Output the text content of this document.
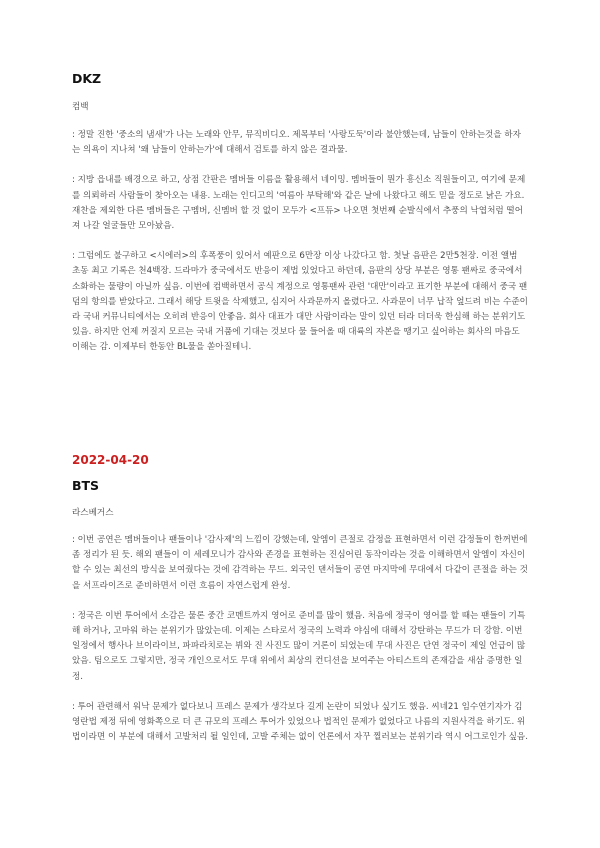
DKZ

컴백

: 정말 진한 '중소의 냄새'가 나는 노래와 안무, 뮤직비디오. 제목부터 '사랑도둑'이라 불안했는데, 남들이 안하는것을 하자는 의욕이 지나쳐 '왜 남들이 안하는가'에 대해서 검토를 하지 않은 결과물.

: 지방 읍내를 배경으로 하고, 상점 간판은 멤버들 이름을 활용해서 네이밍. 멤버들이 뭔가 흥신소 직원들이고, 여기에 문제를 의뢰하러 사람들이 찾아오는 내용. 노래는 인디고의 '여름아 부탁해'와 같은 날에 나왔다고 해도 믿을 정도로 낡은 가요. 재찬을 제외한 다른 멤버들은 구멤버, 신멤버 할 것 없이 모두가 <프듀> 나오면 첫번째 순발식에서 추풍의 낙엽처럼 떨어져 나갈 얼굴들만 모아놨음.

: 그럼에도 불구하고 <시에러>의 후폭풍이 있어서 예판으로 6만장 이상 나갔다고 함. 첫날 음판은 2만5천장. 이전 앨범 초동 최고 기록은 천4백장. 드라마가 중국에서도 반응이 제법 있었다고 하던데, 음판의 상당 부분은 영통 팬싸로 중국에서 소화하는 물량이 아닐까 싶음. 이번에 컴백하면서 공식 계정으로 영통팬싸 관련 '대만'이라고 표기한 부분에 대해서 중국 팬덤의 항의를 받았다고. 그래서 해당 트윗을 삭제했고, 심지어 사과문까지 올렸다고. 사과문이 너무 납작 엎드려 비는 수준이라 국내 커뮤니티에서는 오히려 반응이 안좋음. 회사 대표가 대만 사람이라는 말이 있던 터라 더더욱 한심해 하는 분위기도 있음. 하지만 언제 꺼질지 모르는 국내 거품에 기대는 것보다 물 들어올 때 대륙의 자본을 땡기고 싶어하는 회사의 마음도 이해는 감. 이제부터 한동안 BL물을 쏟아질테니.

2022-04-20

BTS

라스베거스

: 이번 공연은 멤버들이나 팬들이나 '감사제'의 느낌이 강했는데, 알엠이 큰절로 감정을 표현하면서 이런 감정들이 한꺼번에 좀 정리가 된 듯. 해외 팬들이 이 세레모니가 감사와 존경을 표현하는 진심어린 동작이라는 것을 이해하면서 알엠이 자신이 할 수 있는 최선의 방식을 보여줬다는 것에 감격하는 무드. 외국인 댄서들이 공연 마지막에 무대에서 다같이 큰절을 하는 것을 서프라이즈로 준비하면서 이런 흐름이 자연스럽게 완성.

: 정국은 이번 투어에서 소감은 물론 중간 코멘트까지 영어로 준비를 많이 했음. 처음에 정국이 영어를 할 때는 팬들이 기특해 하거나, 고마워 하는 분위기가 많았는데. 이제는 스타로서 정국의 노력과 야심에 대해서 강탄하는 무드가 더 강함. 이번 일정에서 행사나 브이라이브, 파파라치로는 뷔와 진 사진도 많이 거론이 되었는데 무대 사진은 단연 정국이 제일 언급이 많았음. 팀으로도 그렇지만, 정국 개인으로서도 무대 위에서 최상의 컨디션을 보여주는 아티스트의 존재감을 새삼 증명한 일정.

: 투어 관련해서 워낙 문제가 없다보니 프레스 문제가 생각보다 길게 논란이 되었나 싶기도 했음. 씨네21 임수연기자가 김영란법 제정 뒤에 영화쪽으로 더 큰 규모의 프레스 투어가 있었으나 법적인 문제가 없었다고 나름의 지원사격을 하기도. 위법이라면 이 부분에 대해서 고발처리 될 일인데, 고발 주체는 없이 언론에서 자꾸 찔러보는 분위기라 역시 어그로인가 싶음.
